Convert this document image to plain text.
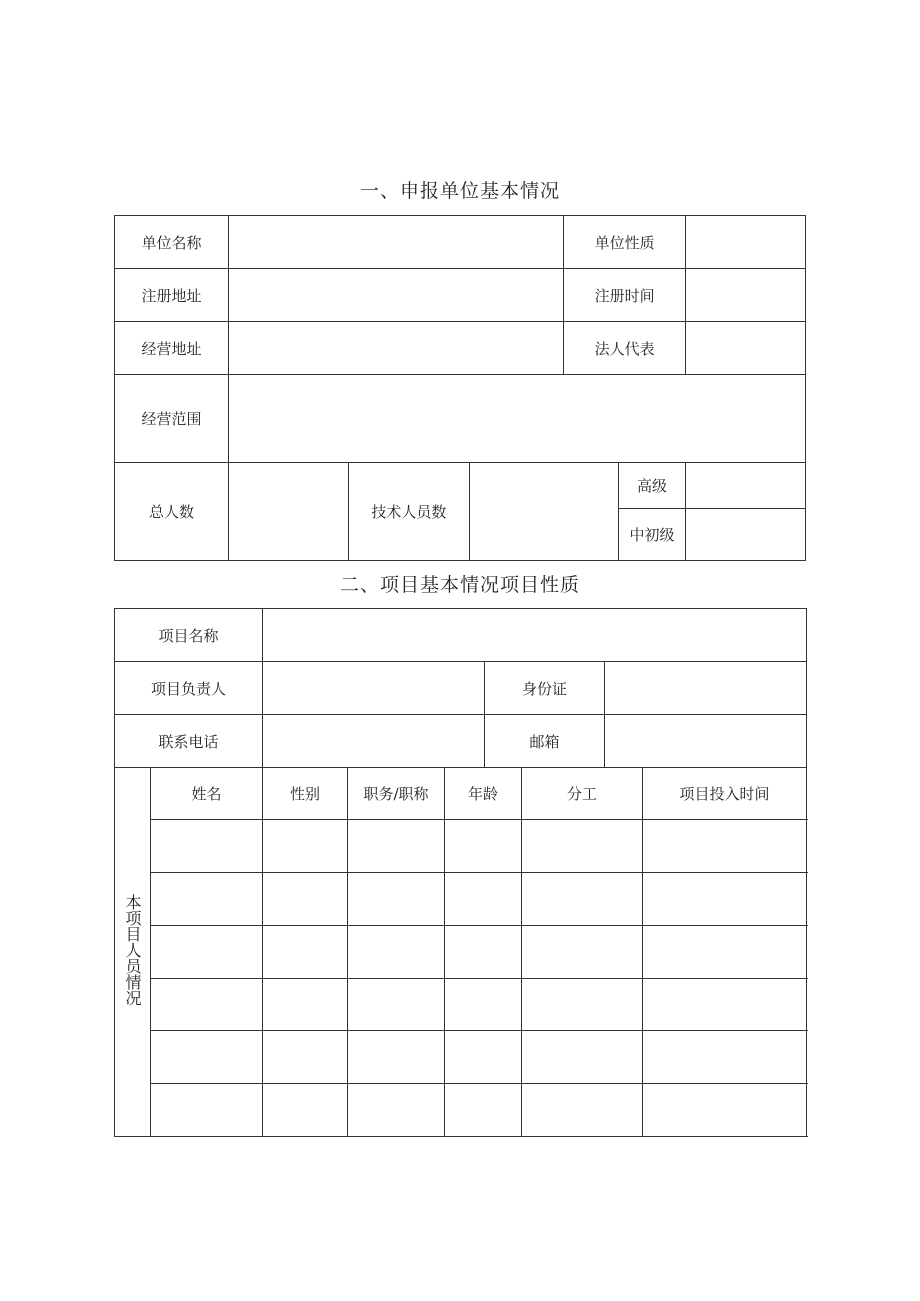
一、申报单位基本情况
单位名称				单位性质		
注册地址				注册时间		
经营地址				法人代表		
经营范围						
总人数		技术人员数			高级	
					中初级	
二、项目基本情况项目性质
项目名称								
项目负责人					身份证			
联系电话					邮箱			
本项目人员情况	姓名	性别	职务/职称	年龄		分工		项目投入时间
